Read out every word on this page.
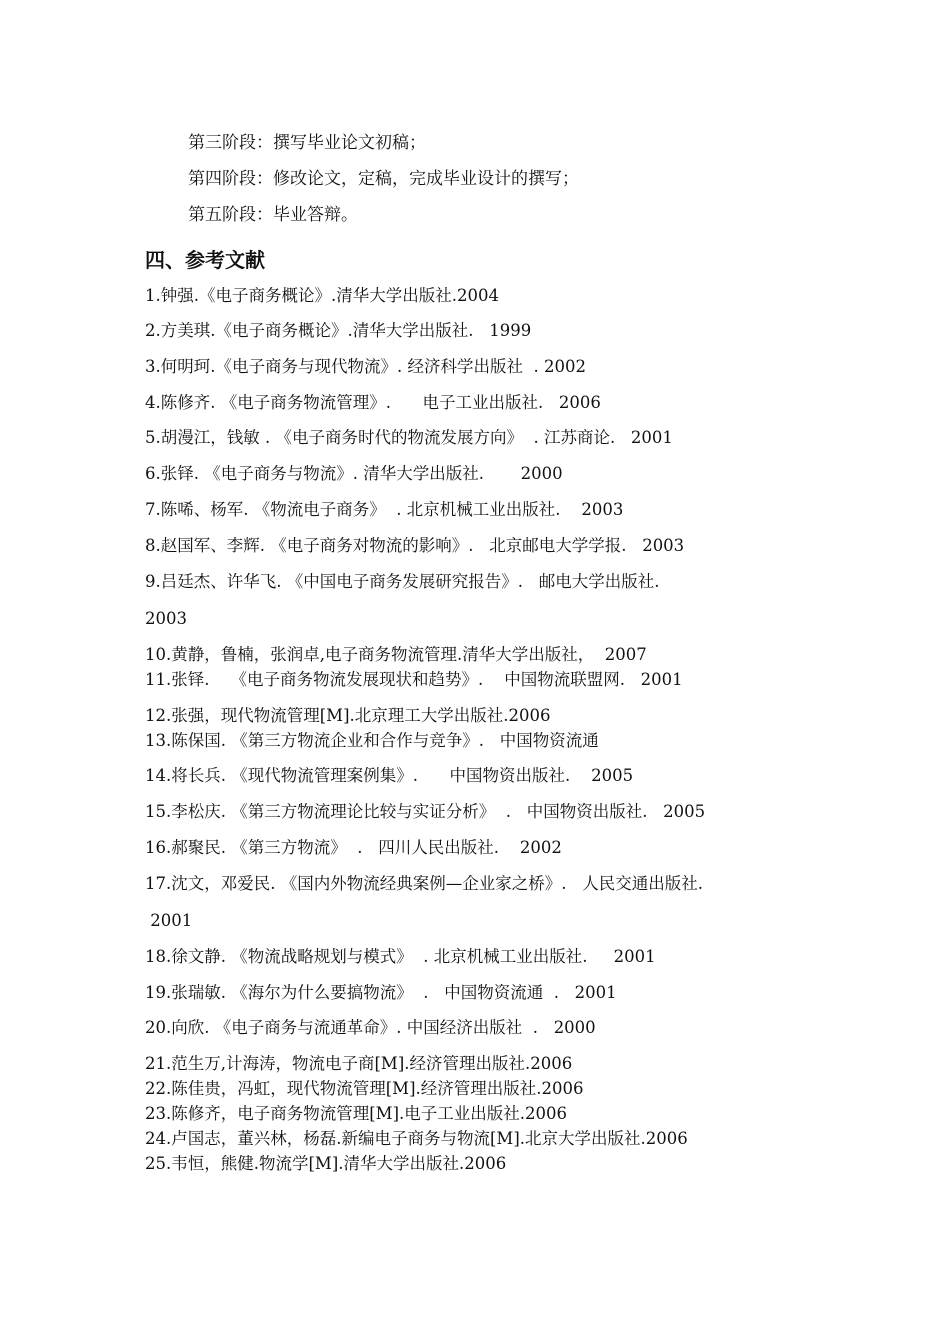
第三阶段：撰写毕业论文初稿；
第四阶段：修改论文，定稿，完成毕业设计的撰写；
第五阶段：毕业答辩。
四、参考文献
1.钟强.《电子商务概论》.清华大学出版社.2004
2.方美琪.《电子商务概论》.清华大学出版社.   1999
3.何明珂.《电子商务与现代物流》. 经济科学出版社  . 2002
4.陈修齐. 《电子商务物流管理》.      电子工业出版社.   2006
5.胡漫江，钱敏 . 《电子商务时代的物流发展方向》  . 江苏商论.   2001
6.张铎. 《电子商务与物流》. 清华大学出版社.       2000
7.陈唏、杨军. 《物流电子商务》  . 北京机械工业出版社.    2003
8.赵国军、李辉. 《电子商务对物流的影响》.   北京邮电大学学报.   2003
9.吕廷杰、许华飞. 《中国电子商务发展研究报告》.   邮电大学出版社.
2003
10.黄静，鲁楠，张润卓,电子商务物流管理.清华大学出版社，  2007
11.张铎.    《电子商务物流发展现状和趋势》.    中国物流联盟网.   2001
12.张强，现代物流管理[M].北京理工大学出版社.2006
13.陈保国. 《第三方物流企业和合作与竞争》.   中国物资流通
14.将长兵. 《现代物流管理案例集》.      中国物资出版社.    2005
15.李松庆. 《第三方物流理论比较与实证分析》  .   中国物资出版社.   2005
16.郝聚民. 《第三方物流》  .   四川人民出版社.    2002
17.沈文，邓爱民. 《国内外物流经典案例—企业家之桥》.   人民交通出版社.
2001
18.徐文静. 《物流战略规划与模式》  . 北京机械工业出版社.     2001
19.张瑞敏. 《海尔为什么要搞物流》  .   中国物资流通  .   2001
20.向欣. 《电子商务与流通革命》. 中国经济出版社  .   2000
21.范生万,计海涛，物流电子商[M].经济管理出版社.2006
22.陈佳贵，冯虹，现代物流管理[M].经济管理出版社.2006
23.陈修齐，电子商务物流管理[M].电子工业出版社.2006
24.卢国志，董兴林，杨磊.新编电子商务与物流[M].北京大学出版社.2006
25.韦恒，熊健.物流学[M].清华大学出版社.2006
